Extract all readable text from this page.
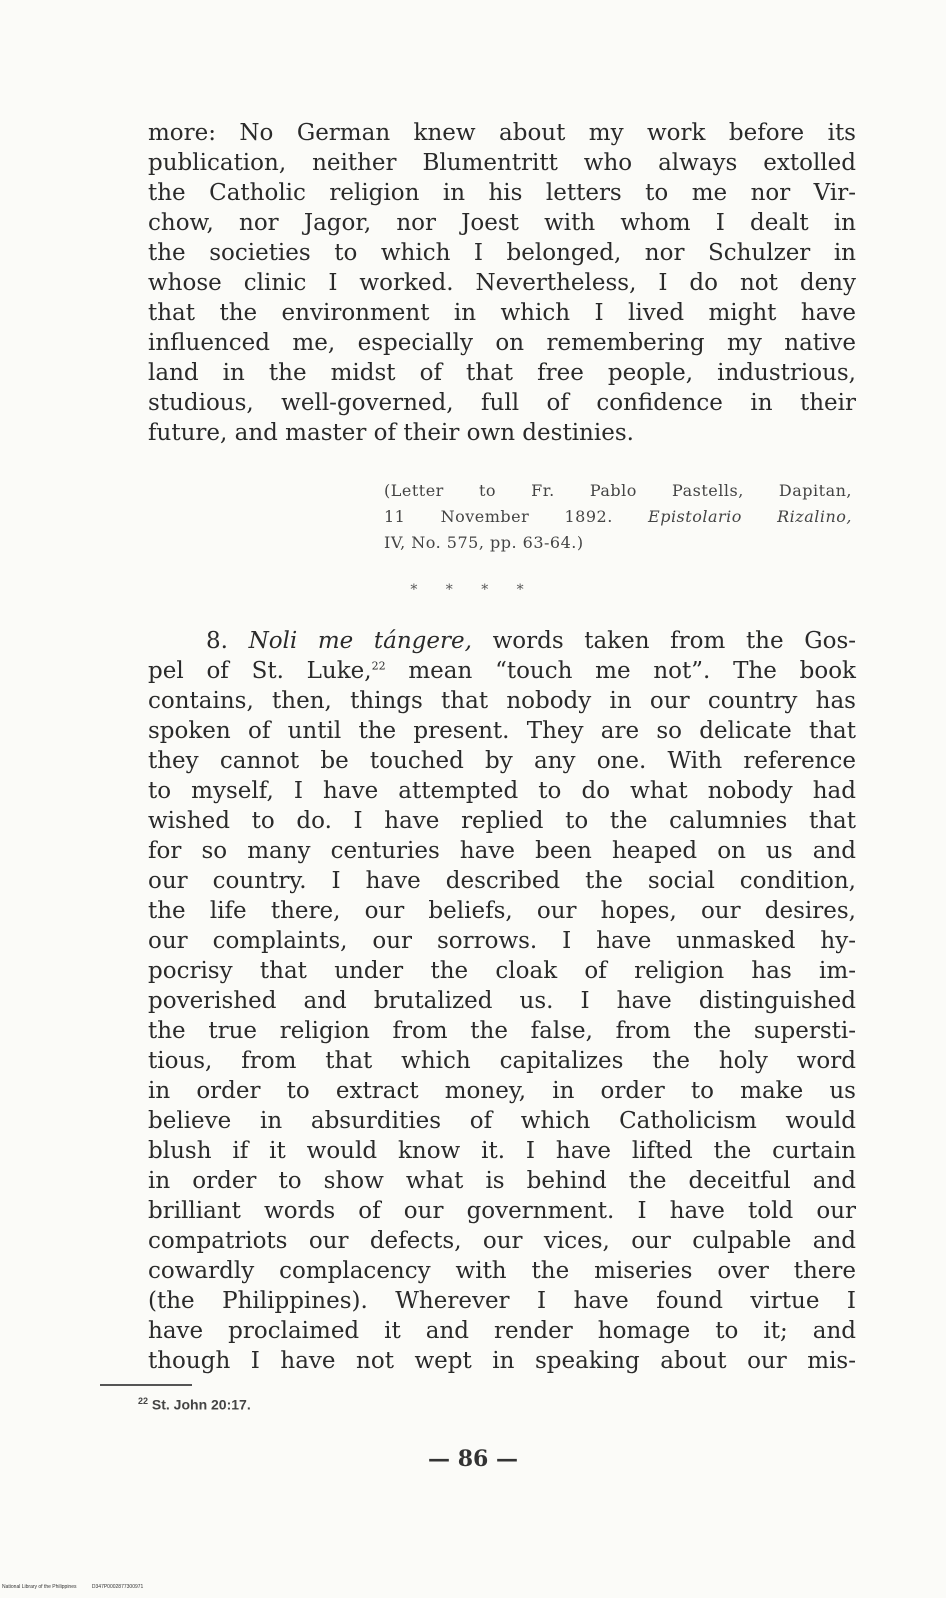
more: No German knew about my work before its
publication, neither Blumentritt who always extolled
the Catholic religion in his letters to me nor Vir-
chow, nor Jagor, nor Joest with whom I dealt in
the societies to which I belonged, nor Schulzer in
whose clinic I worked. Nevertheless, I do not deny
that the environment in which I lived might have
influenced me, especially on remembering my native
land in the midst of that free people, industrious,
studious, well-governed, full of confidence in their
future, and master of their own destinies.
(Letter to Fr. Pablo Pastells, Dapitan,
11 November 1892. Epistolario Rizalino,
IV, No. 575, pp. 63-64.)
* * * *
8. Noli me tángere, words taken from the Gos-
pel of St. Luke,$^{22}$ mean “touch me not”. The book
contains, then, things that nobody in our country has
spoken of until the present. They are so delicate that
they cannot be touched by any one. With reference
to myself, I have attempted to do what nobody had
wished to do. I have replied to the calumnies that
for so many centuries have been heaped on us and
our country. I have described the social condition,
the life there, our beliefs, our hopes, our desires,
our complaints, our sorrows. I have unmasked hy-
pocrisy that under the cloak of religion has im-
poverished and brutalized us. I have distinguished
the true religion from the false, from the supersti-
tious, from that which capitalizes the holy word
in order to extract money, in order to make us
believe in absurdities of which Catholicism would
blush if it would know it. I have lifted the curtain
in order to show what is behind the deceitful and
brilliant words of our government. I have told our
compatriots our defects, our vices, our culpable and
cowardly complacency with the miseries over there
(the Philippines). Wherever I have found virtue I
have proclaimed it and render homage to it; and
though I have not wept in speaking about our mis-
$^{22}$ St. John 20:17.
— 86 —
National Library of the Philippines	D347P0002877300971
